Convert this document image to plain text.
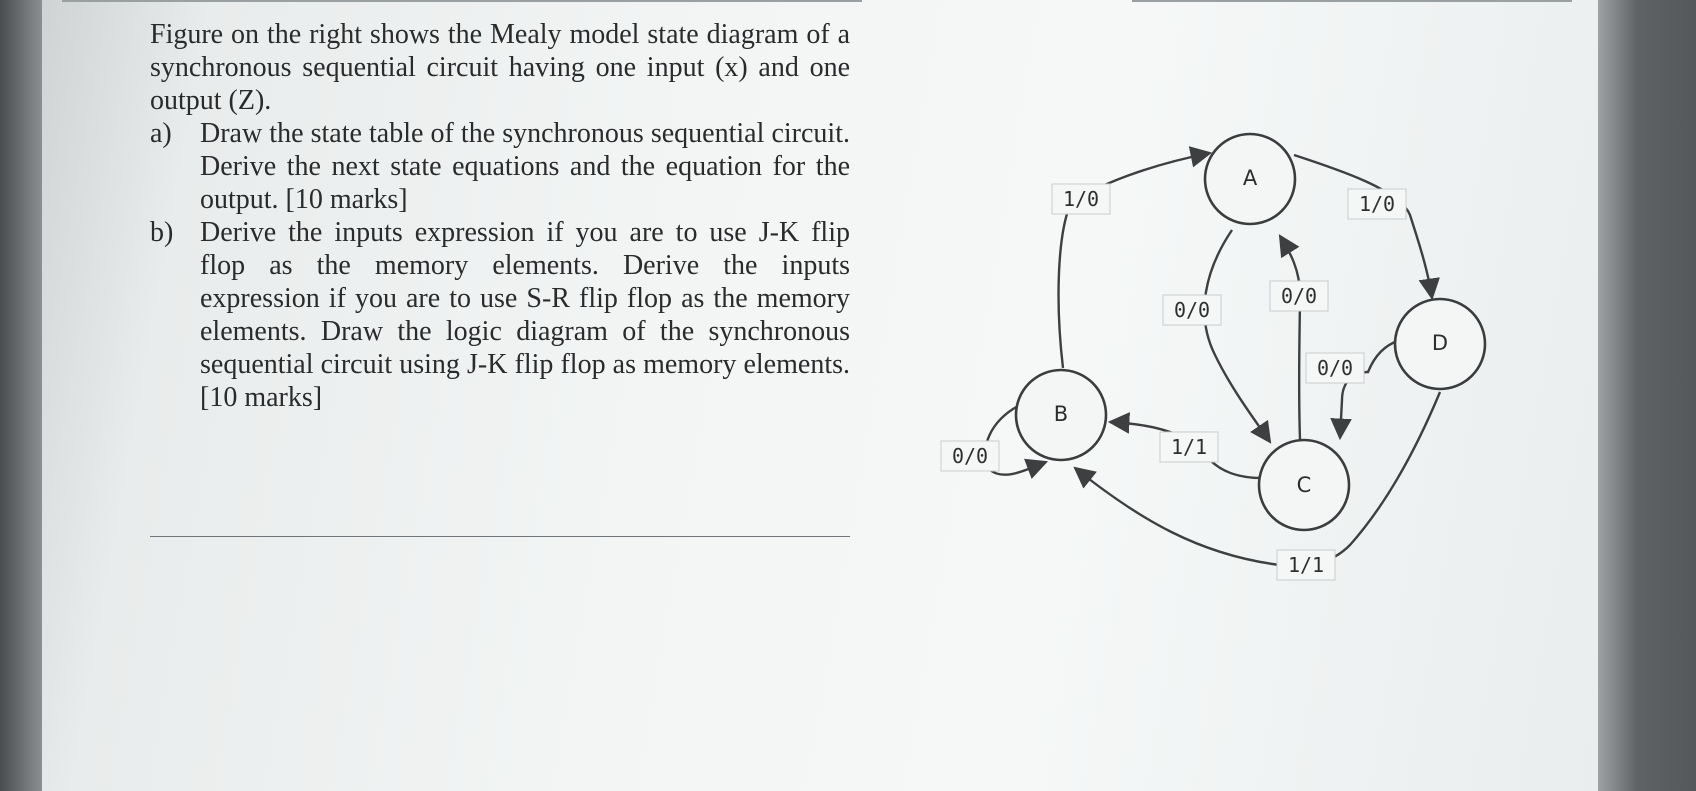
Figure on the right shows the Mealy model state diagram of a synchronous sequential circuit having one input (x) and one output (Z).

a)	Draw the state table of the synchronous sequential circuit. Derive the next state equations and the equation for the output. [10 marks]
b) Derive the inputs expression if you are to use J-K flip flop as the memory elements. Derive the inputs expression if you are to use S-R flip flop as the memory elements. Draw the logic diagram of the synchronous sequential circuit using J-K flip flop as memory elements. [10 marks]
A
B
C
D
1/0	1/0
0/0
0/0
0/0
1/1
1/1
0/0
